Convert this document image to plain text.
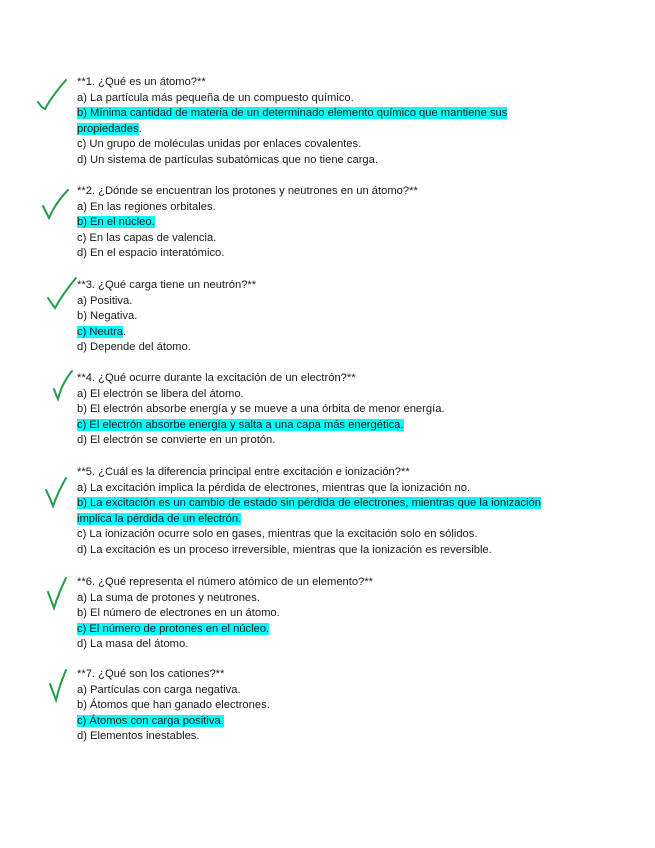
**1. ¿Qué es un átomo?**
a) La partícula más pequeña de un compuesto químico.
b) Mínima cantidad de materia de un determinado elemento químico que mantiene sus
propiedades.
c) Un grupo de moléculas unidas por enlaces covalentes.
d) Un sistema de partículas subatómicas que no tiene carga.
**2. ¿Dónde se encuentran los protones y neutrones en un átomo?**
a) En las regiones orbitales.
b) En el núcleo.
c) En las capas de valencia.
d) En el espacio interatómico.
**3. ¿Qué carga tiene un neutrón?**
a) Positiva.
b) Negativa.
c) Neutra.
d) Depende del átomo.
**4. ¿Qué ocurre durante la excitación de un electrón?**
a) El electrón se libera del átomo.
b) El electrón absorbe energía y se mueve a una órbita de menor energía.
c) El electrón absorbe energía y salta a una capa más energética.
d) El electrón se convierte en un protón.
**5. ¿Cuál es la diferencia principal entre excitación e ionización?**
a) La excitación implica la pérdida de electrones, mientras que la ionización no.
b) La excitación es un cambio de estado sin pérdida de electrones, mientras que la ionización
implica la pérdida de un electrón.
c) La ionización ocurre solo en gases, mientras que la excitación solo en sólidos.
d) La excitación es un proceso irreversible, mientras que la ionización es reversible.
**6. ¿Qué representa el número atómico de un elemento?**
a) La suma de protones y neutrones.
b) El número de electrones en un átomo.
c) El número de protones en el núcleo.
d) La masa del átomo.
**7. ¿Qué son los cationes?**
a) Partículas con carga negativa.
b) Átomos que han ganado electrones.
c) Átomos con carga positiva.
d) Elementos inestables.
